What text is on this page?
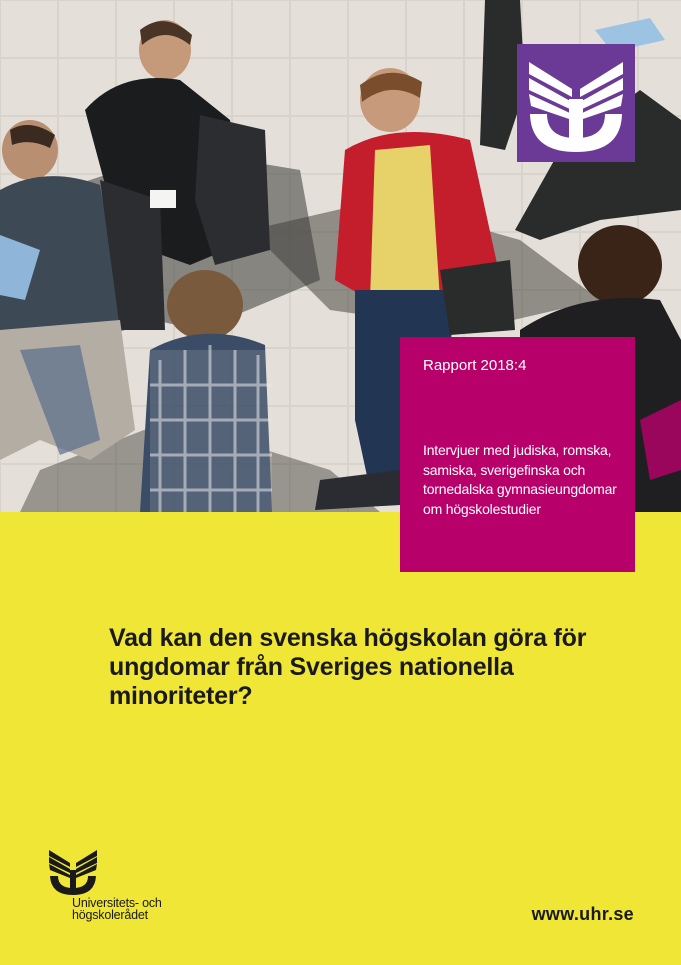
Rapport 2018:4

Intervjuer med judiska, romska, samiska, sverigefinska och tornedalska gymnasieungdomar om högskolestudier

Vad kan den svenska högskolan göra för ungdomar från Sveriges nationella minoriteter?
Universitets- och
högskolerådet	www.uhr.se
